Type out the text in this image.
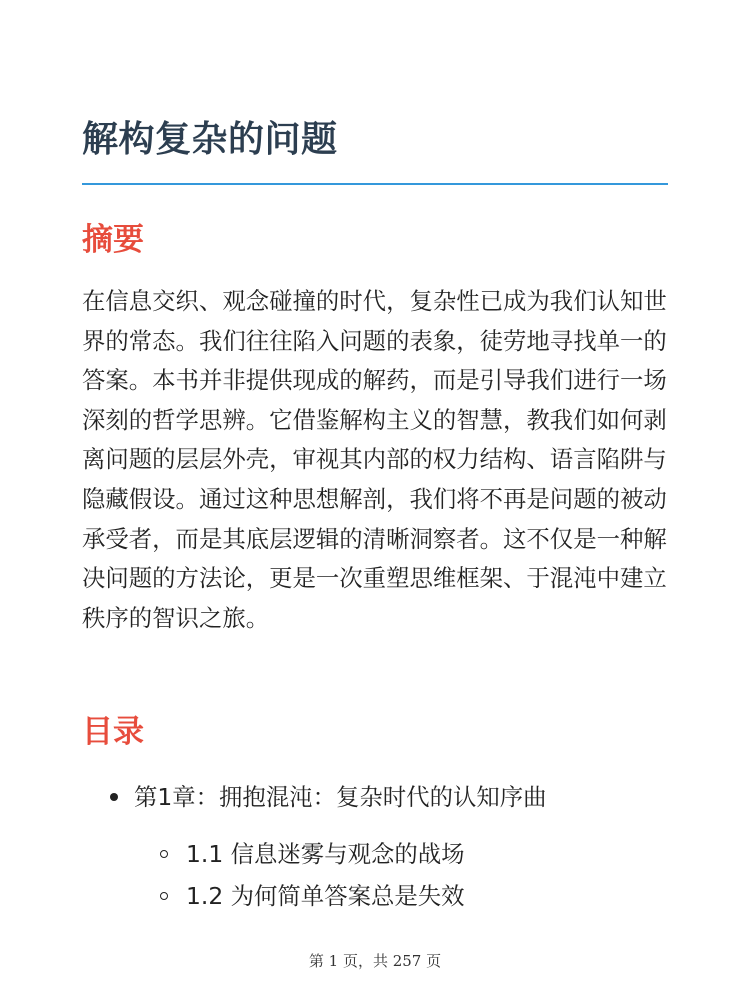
解构复杂的问题
摘要

在信息交织、观念碰撞的时代，复杂性已成为我们认知世界的常态。我们往往陷入问题的表象，徒劳地寻找单一的答案。本书并非提供现成的解药，而是引导我们进行一场深刻的哲学思辨。它借鉴解构主义的智慧，教我们如何剥离问题的层层外壳，审视其内部的权力结构、语言陷阱与隐藏假设。通过这种思想解剖，我们将不再是问题的被动承受者，而是其底层逻辑的清晰洞察者。这不仅是一种解决问题的方法论，更是一次重塑思维框架、于混沌中建立秩序的智识之旅。

目录
第1章：拥抱混沌：复杂时代的认知序曲
1.1 信息迷雾与观念的战场
1.2 为何简单答案总是失效
第 1 页，共 257 页
